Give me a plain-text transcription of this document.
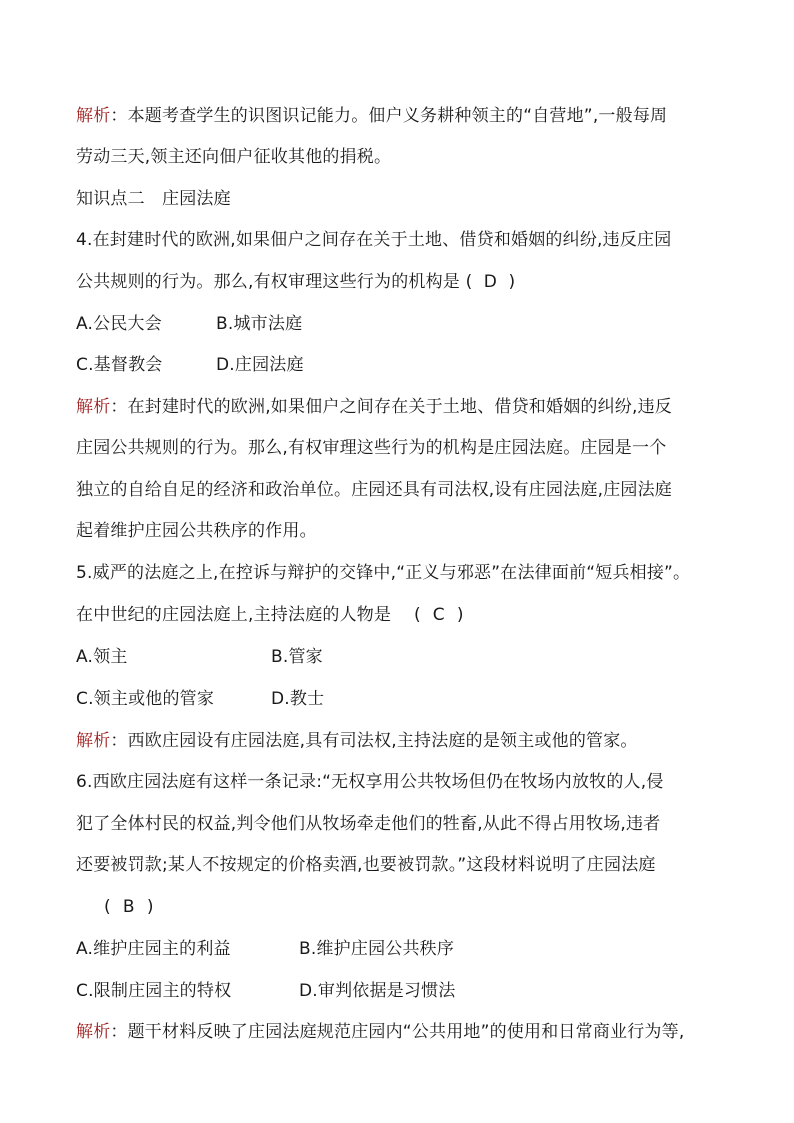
解析：本题考查学生的识图识记能力。佃户义务耕种领主的“自营地”,一般每周
劳动三天,领主还向佃户征收其他的捐税。
知识点二　庄园法庭
4.在封建时代的欧洲,如果佃户之间存在关于土地、借贷和婚姻的纠纷,违反庄园
公共规则的行为。那么,有权审理这些行为的机构是 ( D )
A.公民大会	B.城市法庭
C.基督教会	D.庄园法庭
解析：在封建时代的欧洲,如果佃户之间存在关于土地、借贷和婚姻的纠纷,违反
庄园公共规则的行为。那么,有权审理这些行为的机构是庄园法庭。庄园是一个
独立的自给自足的经济和政治单位。庄园还具有司法权,设有庄园法庭,庄园法庭
起着维护庄园公共秩序的作用。
5.威严的法庭之上,在控诉与辩护的交锋中,“正义与邪恶”在法律面前“短兵相接”。
在中世纪的庄园法庭上,主持法庭的人物是　 ( C )
A.领主	B.管家
C.领主或他的管家	D.教士
解析：西欧庄园设有庄园法庭,具有司法权,主持法庭的是领主或他的管家。
6.西欧庄园法庭有这样一条记录:“无权享用公共牧场但仍在牧场内放牧的人,侵
犯了全体村民的权益,判令他们从牧场牵走他们的牲畜,从此不得占用牧场,违者
还要被罚款;某人不按规定的价格卖酒,也要被罚款。”这段材料说明了庄园法庭
( B )
A.维护庄园主的利益	B.维护庄园公共秩序
C.限制庄园主的特权	D.审判依据是习惯法
解析：题干材料反映了庄园法庭规范庄园内“公共用地”的使用和日常商业行为等,
